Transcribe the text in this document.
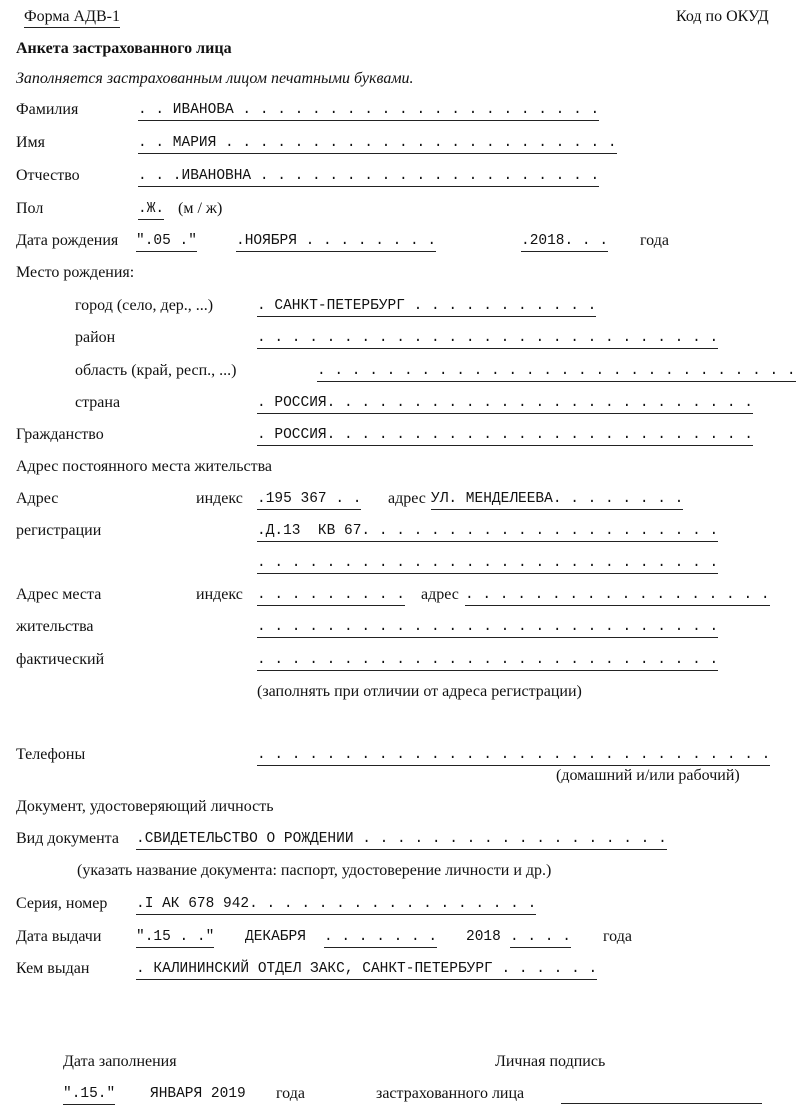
Форма АДВ-1	Код по ОКУД
Анкета застрахованного лица
Заполняется застрахованным лицом печатными буквами.
Фамилия	. . ИВАНОВА . . . . . . . . . . . . . . . . . . . . .
Имя	. . МАРИЯ . . . . . . . . . . . . . . . . . . . . . . .
Отчество	. . .ИВАНОВНА . . . . . . . . . . . . . . . . . . . .
Пол	.Ж. (м / ж)
Дата рождения ".05 ."	.НОЯБРЯ . . . . . . . .	.2018. . . года
Место рождения:
город (село, дер., ...)	. САНКТ-ПЕТЕРБУРГ . . . . . . . . . . .
район	. . . . . . . . . . . . . . . . . . . . . . . . . . .
область (край, респ., ...)	. . . . . . . . . . . . . . . . . . . . . . . . . . . .
страна	. РОССИЯ. . . . . . . . . . . . . . . . . . . . . . . . .
Гражданство	. РОССИЯ. . . . . . . . . . . . . . . . . . . . . . . . .
Адрес постоянного места жительства
Адрес	индекс .195 367 . . адрес УЛ. МЕНДЕЛЕЕВА. . . . . . . .
регистрации	.Д.13  КВ 67. . . . . . . . . . . . . . . . . . . . .
. . . . . . . . . . . . . . . . . . . . . . . . . . .
Адрес места	индекс . . . . . . . . . адрес . . . . . . . . . . . . . . . . . .
жительства	. . . . . . . . . . . . . . . . . . . . . . . . . . .
фактический	. . . . . . . . . . . . . . . . . . . . . . . . . . .
(заполнять при отличии от адреса регистрации)
Телефоны	. . . . . . . . . . . . . . . . . . . . . . . . . . . . . .
(домашний и/или рабочий)
Документ, удостоверяющий личность
Вид документа .СВИДЕТЕЛЬСТВО О РОЖДЕНИИ . . . . . . . . . . . . . . . . . .
(указать название документа: паспорт, удостоверение личности и др.)
Серия, номер .I АК 678 942. . . . . . . . . . . . . . . . .
Дата выдачи ".15 . ." ДЕКАБРЯ . . . . . . . 2018 . . . . года
Кем выдан	. КАЛИНИНСКИЙ ОТДЕЛ ЗАКС, САНКТ-ПЕТЕРБУРГ . . . . . .
Дата заполнения	Личная подпись
".15." ЯНВАРЯ 2019 года	застрахованного лица
